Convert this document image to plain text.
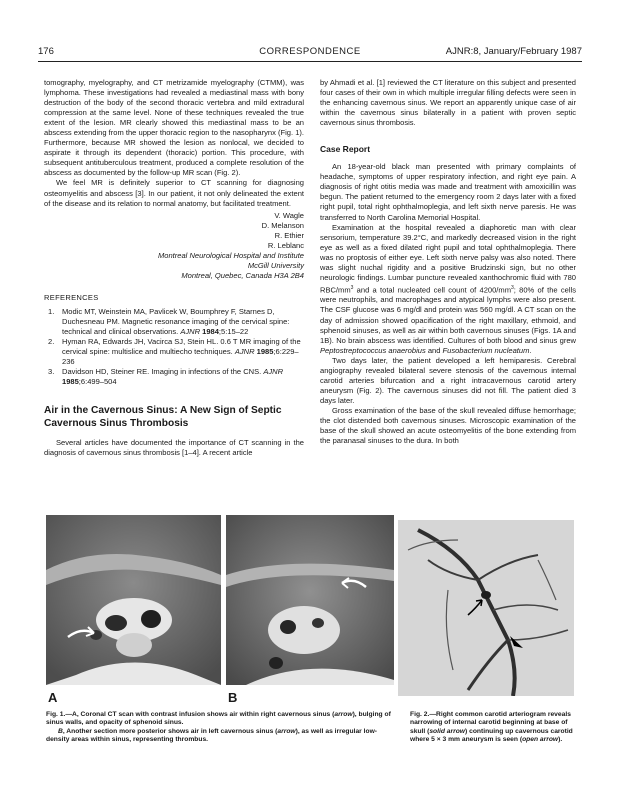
176	CORRESPONDENCE	AJNR:8, January/February 1987

tomography, myelography, and CT metrizamide myelography (CTMM), was lymphoma. These investigations had revealed a mediastinal mass with bony destruction of the body of the second thoracic vertebra and mild extradural compression at the same level. None of these techniques revealed the true extent of the lesion. MR clearly showed this mediastinal mass to be an abscess extending from the upper thoracic region to the nasopharynx (Fig. 1). Furthermore, because MR showed the lesion as nonlocal, we decided to aspirate it through its dependent (thoracic) portion. This procedure, with subsequent antituberculous treatment, produced a complete resolution of the abscess as documented by the follow-up MR scan (Fig. 2).

We feel MR is definitely superior to CT scanning for diagnosing osteomyelitis and abscess [3]. In our patient, it not only delineated the extent of the disease and its relation to normal anatomy, but facilitated treatment.

V. Wagle
D. Melanson
R. Ethier
R. Leblanc
Montreal Neurological Hospital and Institute
McGill University
Montreal, Quebec, Canada H3A 2B4
REFERENCES
1. Modic MT, Weinstein MA, Pavlicek W, Boumphrey F, Starnes D, Duchesneau PM. Magnetic resonance imaging of the cervical spine: technical and clinical observations. AJNR 1984;5:15–22
2. Hyman RA, Edwards JH, Vacirca SJ, Stein HL. 0.6 T MR imaging of the cervical spine: multislice and multiecho techniques. AJNR 1985;6:229–236
3. Davidson HD, Steiner RE. Imaging in infections of the CNS. AJNR 1985;6:499–504
Air in the Cavernous Sinus: A New Sign of Septic Cavernous Sinus Thrombosis

Several articles have documented the importance of CT scanning in the diagnosis of cavernous sinus thrombosis [1–4]. A recent article

by Ahmadi et al. [1] reviewed the CT literature on this subject and presented four cases of their own in which multiple irregular filling defects were seen in the enhancing cavernous sinus. We report an apparently unique case of air within the cavernous sinus bilaterally in a patient with proven septic cavernous sinus thrombosis.

Case Report

An 18-year-old black man presented with primary complaints of headache, symptoms of upper respiratory infection, and right eye pain. A diagnosis of right otitis media was made and treatment with amoxicillin was begun. The patient returned to the emergency room 2 days later with a fixed right pupil, total right ophthalmoplegia, and left sixth nerve paresis. He was transferred to North Carolina Memorial Hospital.

Examination at the hospital revealed a diaphoretic man with clear sensorium, temperature 39.2°C, and markedly decreased vision in the right eye as well as a fixed dilated right pupil and total ophthalmoplegia. There was no proptosis of either eye. Left sixth nerve palsy was also noted. There was slight nuchal rigidity and a positive Brudzinski sign, but no other neurologic findings. Lumbar puncture revealed xanthochromic fluid with 780 RBC/$mm^3$ and a total nucleated cell count of $4200/mm^3$; 80% of the cells were neutrophils, and macrophages and atypical lymphs were also present. The CSF glucose was 6 mg/dl and protein was 560 mg/dl. A CT scan on the day of admission showed opacification of the right maxillary, ethmoid, and sphenoid sinuses, as well as air within both cavernous sinuses (Figs. 1A and 1B). No brain abscess was identified. Cultures of both blood and sinus grew Peptostreptococcus anaerobius and Fusobacterium nucleatum.

Two days later, the patient developed a left hemiparesis. Cerebral angiography revealed bilateral severe stenosis of the cavernous internal carotid arteries bifurcation and a right intracavernous carotid artery aneurysm (Fig. 2). The cavernous sinuses did not fill. The patient died 3 days later.

Gross examination of the base of the skull revealed diffuse hemorrhage; the clot distended both cavernous sinuses. Microscopic examination of the base of the skull showed an acute osteomyelitis of the bone extending from the paranasal sinuses to the dura. In both

A	B
Fig. 1.—A, Coronal CT scan with contrast infusion shows air within right cavernous sinus (arrow), bulging of sinus walls, and opacity of sphenoid sinus.
B, Another section more posterior shows air in left cavernous sinus (arrow), as well as irregular low-density areas within sinus, representing thrombus.
Fig. 2.—Right common carotid arteriogram reveals narrowing of internal carotid beginning at base of skull (solid arrow) continuing up cavernous carotid where 5 × 3 mm aneurysm is seen (open arrow).
